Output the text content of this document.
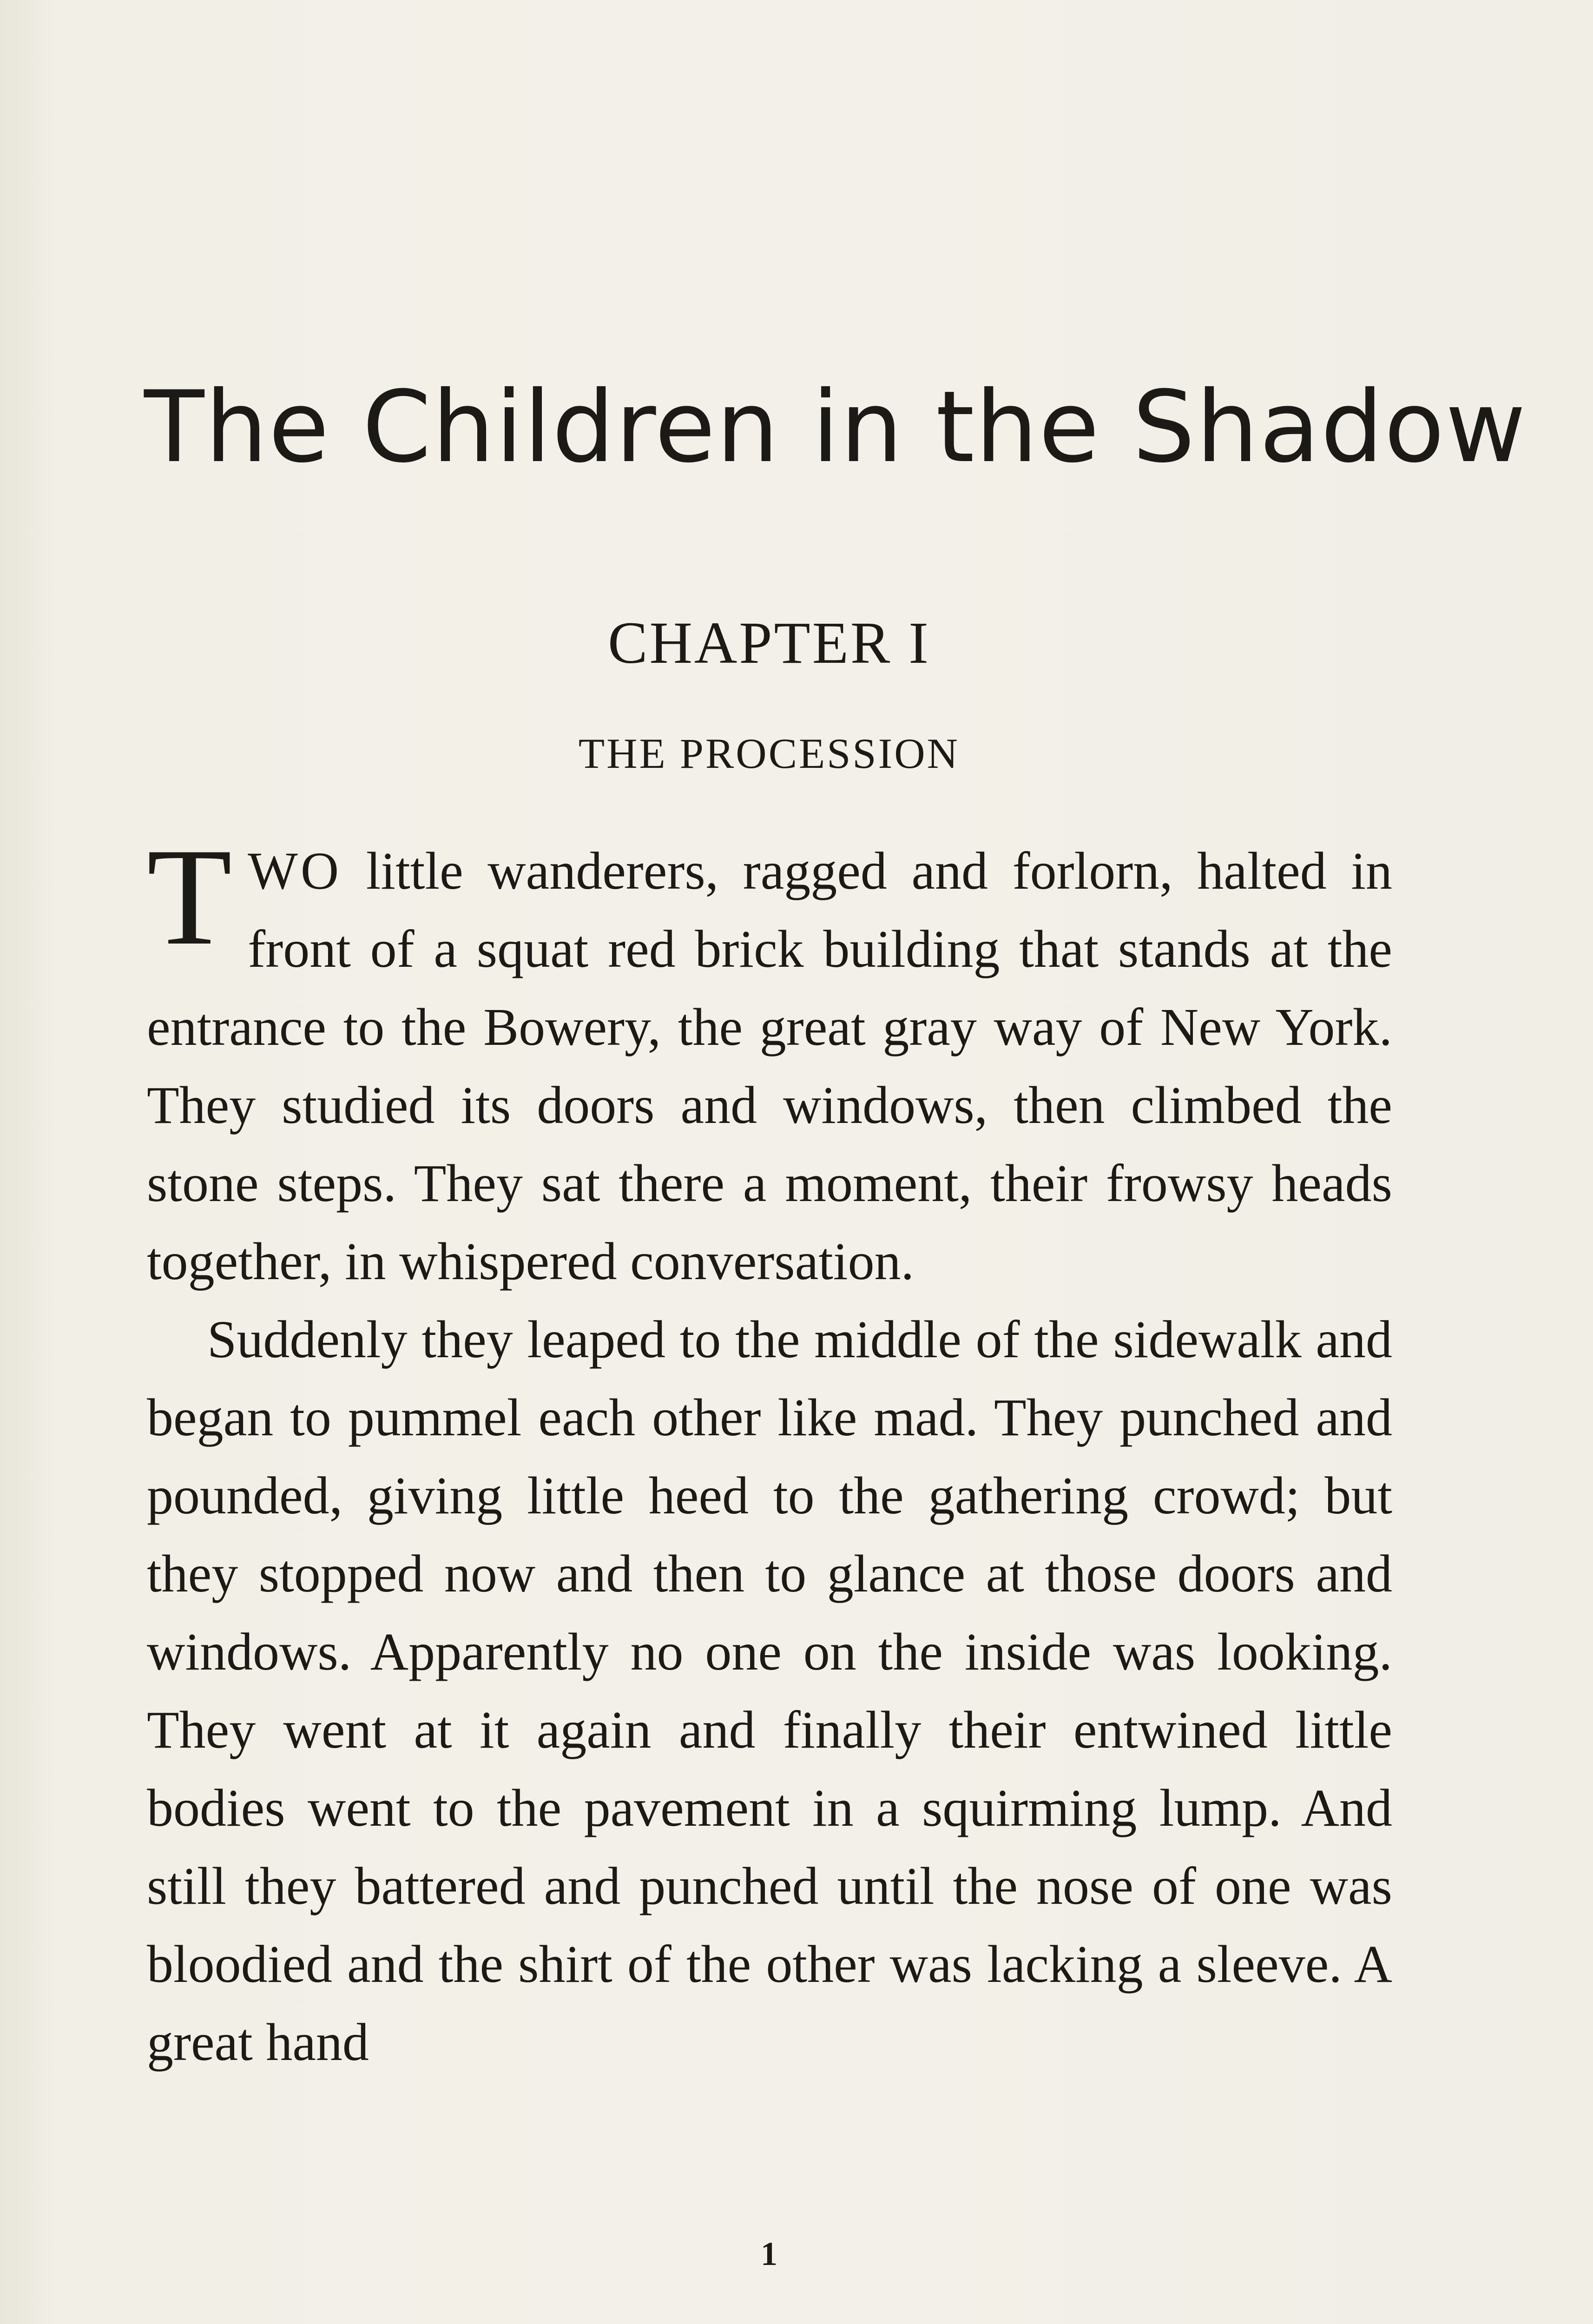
The Children in the Shadow
CHAPTER I
THE PROCESSION

TWO little wanderers, ragged and forlorn, halted in front of a squat red brick building that stands at the entrance to the Bowery, the great gray way of New York. They studied its doors and windows, then climbed the stone steps. They sat there a moment, their frowsy heads together, in whispered conversation.

Suddenly they leaped to the middle of the sidewalk and began to pummel each other like mad. They punched and pounded, giving little heed to the gathering crowd; but they stopped now and then to glance at those doors and windows. Apparently no one on the inside was looking. They went at it again and finally their entwined little bodies went to the pavement in a squirming lump. And still they battered and punched until the nose of one was bloodied and the shirt of the other was lacking a sleeve. A great hand

1
